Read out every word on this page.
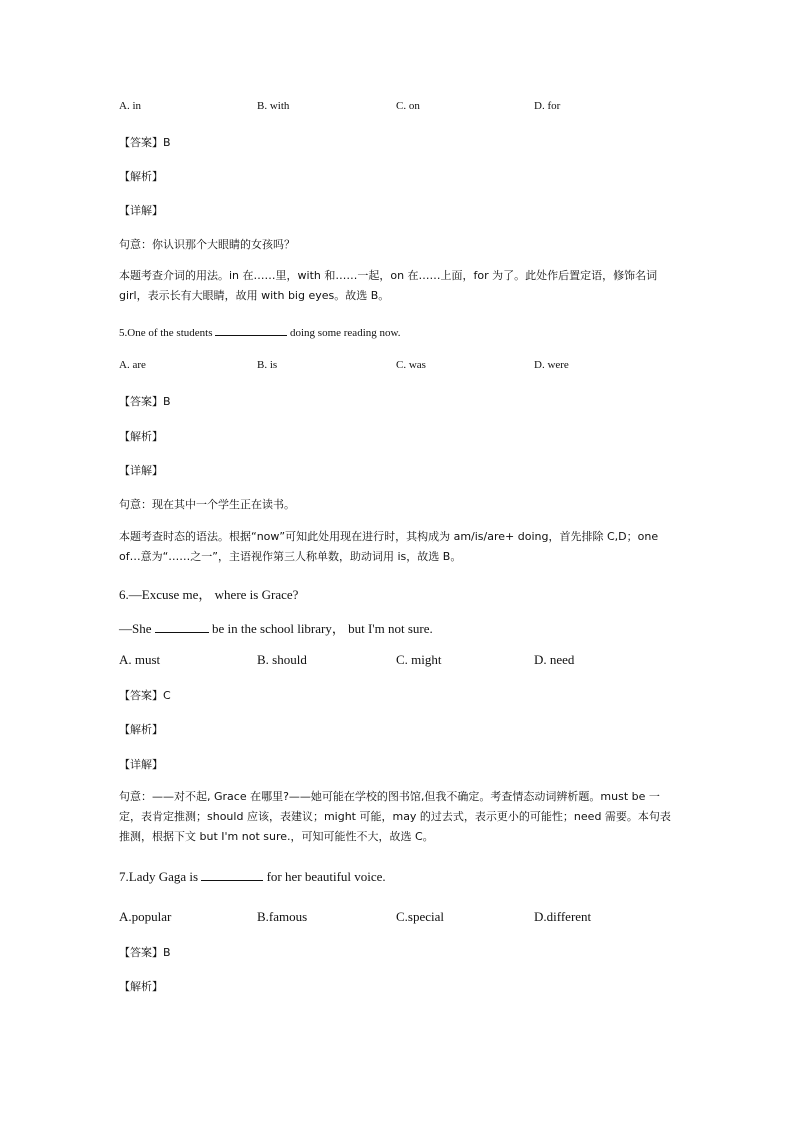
A. in	B. with	C. on	D. for
【答案】B
【解析】
【详解】
句意：你认识那个大眼睛的女孩吗？
本题考查介词的用法。in 在……里，with 和……一起，on 在……上面，for 为了。此处作后置定语，修饰名词 girl，表示长有大眼睛，故用 with big eyes。故选 B。
5.One of the students	doing some reading now.
A. are	B. is	C. was	D. were
【答案】B
【解析】
【详解】
句意：现在其中一个学生正在读书。
本题考查时态的语法。根据“now”可知此处用现在进行时，其构成为 am/is/are+ doing，首先排除 C,D；one of…意为“……之一”，主语视作第三人称单数，助动词用 is，故选 B。
6.—Excuse me， where is Grace?
—She	be in the school library， but I'm not sure.
A. must	B. should	C. might	D. need
【答案】C
【解析】
【详解】
句意：——对不起, Grace 在哪里?——她可能在学校的图书馆,但我不确定。考查情态动词辨析题。must be 一定，表肯定推测；should 应该，表建议；might 可能，may 的过去式，表示更小的可能性；need 需要。本句表推测，根据下文 but I'm not sure.，可知可能性不大，故选 C。
7.Lady Gaga is	for her beautiful voice.
A.popular	B.famous	C.special	D.different
【答案】B
【解析】
